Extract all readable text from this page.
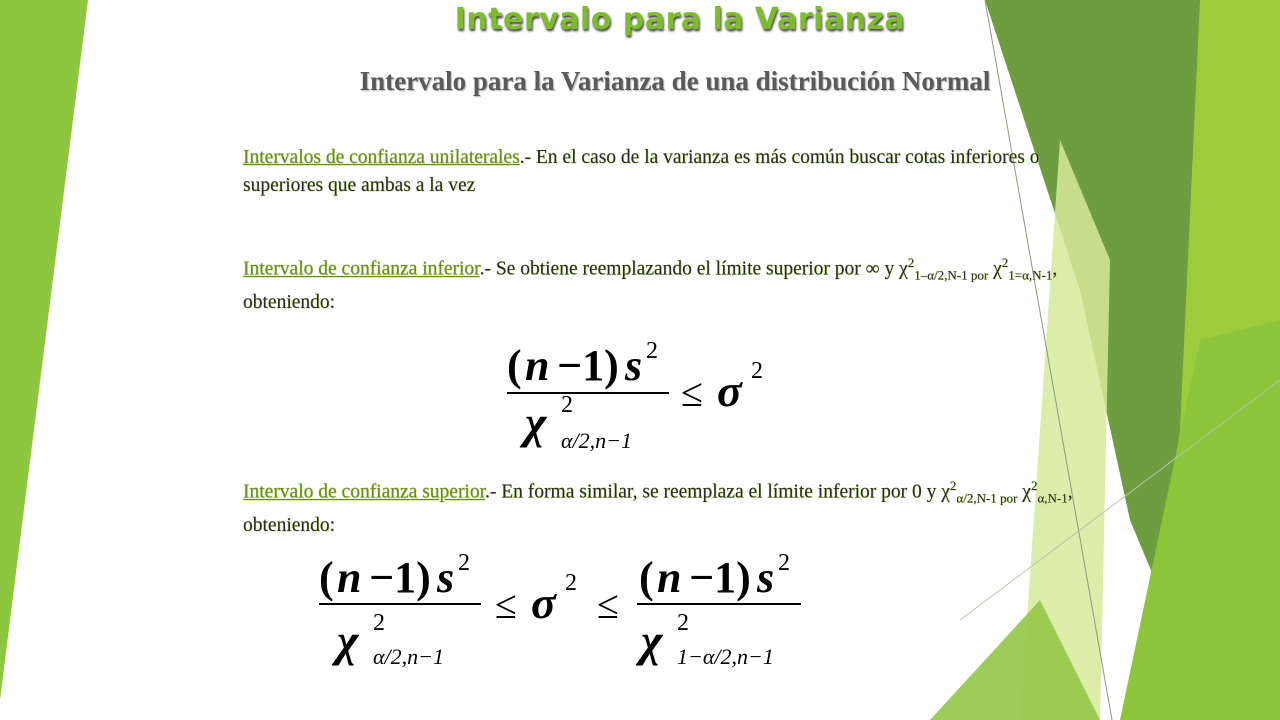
Intervalo para la Varianza
Intervalo para la Varianza de una distribución Normal
Intervalos de confianza unilaterales.- En el caso de la varianza es más común buscar cotas inferiores o superiores que ambas a la vez
Intervalo de confianza inferior.- Se obtiene reemplazando el límite superior por ∞ y $\chi^2_{1-\alpha/2,N-1 por}$ $\chi^2_{1=\alpha,N-1}$, obteniendo:
Intervalo de confianza superior.- En forma similar, se reemplaza el límite inferior por 0 y $\chi^2_{\alpha/2,N-1 por}$ $\chi^2_{\alpha,N-1}$, obteniendo:
( n −1) s 2
χ 2
α/2,n−1
≤ σ 2
( n −1) s 2
χ 2
α/2,n−1
≤ σ 2 ≤
( n −1) s 2
χ 2
1−α/2,n−1
